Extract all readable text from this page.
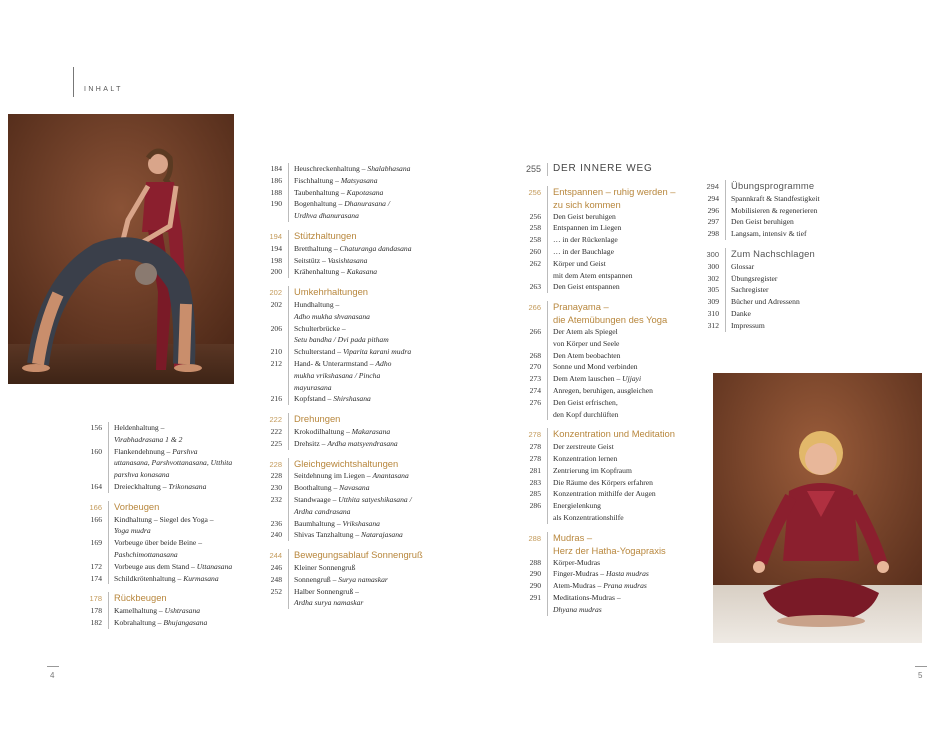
INHALT
156	Heldenhaltung –
Virabhadrasana 1 & 2
160	Flankendehnung – Parshva
uttanasana, Parshvottanasana, Utthita
parshva konasana
164	Dreieckhaltung – Trikonasana
166	Vorbeugen
166	Kindhaltung – Siegel des Yoga –
Yoga mudra
169	Vorbeuge über beide Beine –
Pashchimottanasana
172	Vorbeuge aus dem Stand – Uttanasana
174	Schildkrötenhaltung – Kurmasana
178	Rückbeugen
178	Kamelhaltung – Ushtrasana
182	Kobrahaltung – Bhujangasana
184	Heuschreckenhaltung – Shalabhasana
186	Fischhaltung – Matsyasana
188	Taubenhaltung – Kapotasana
190	Bogenhaltung – Dhanurasana /
Urdhva dhanurasana
194	Stützhaltungen
194	Bretthaltung – Chaturanga dandasana
198	Seitstütz – Vasishtasana
200	Krähenhaltung – Kakasana
202	Umkehrhaltungen
202	Hundhaltung –
Adho mukha shvanasana
206	Schulterbrücke –
Setu bandha / Dvi pada pitham
210	Schulterstand – Viparita karani mudra
212	Hand- & Unterarmstand – Adho
mukha vrikshasana / Pincha
mayurasana
216	Kopfstand – Shirshasana
222	Drehungen
222	Krokodilhaltung – Makarasana
225	Drehsitz – Ardha matsyendrasana
228	Gleichgewichtshaltungen
228	Seitdehnung im Liegen – Anantasana
230	Boothaltung – Navasana
232	Standwaage – Utthita satyeshikasana /
Ardha candrasana
236	Baumhaltung – Vrikshasana
240	Shivas Tanzhaltung – Natarajasana
244	Bewegungsablauf Sonnengruß
246	Kleiner Sonnengruß
248	Sonnengruß – Surya namaskar
252	Halber Sonnengruß –
Ardha surya namaskar
255	DER INNERE WEG
256	Entspannen – ruhig werden –
zu sich kommen
256	Den Geist beruhigen
258	Entspannen im Liegen
258	… in der Rückenlage
260	… in der Bauchlage
262	Körper und Geist
mit dem Atem entspannen
263	Den Geist entspannen
266	Pranayama –
die Atemübungen des Yoga
266	Der Atem als Spiegel
von Körper und Seele
268	Den Atem beobachten
270	Sonne und Mond verbinden
273	Dem Atem lauschen – Ujjayi
274	Anregen, beruhigen, ausgleichen
276	Den Geist erfrischen,
den Kopf durchlüften
278	Konzentration und Meditation
278	Der zerstreute Geist
278	Konzentration lernen
281	Zentrierung im Kopfraum
283	Die Räume des Körpers erfahren
285	Konzentration mithilfe der Augen
286	Energielenkung
als Konzentrationshilfe
288	Mudras –
Herz der Hatha-Yogapraxis
288	Körper-Mudras
290	Finger-Mudras – Hasta mudras
290	Atem-Mudras – Prana mudras
291	Meditations-Mudras –
Dhyana mudras
294	Übungsprogramme
294	Spannkraft & Standfestigkeit
296	Mobilisieren & regenerieren
297	Den Geist beruhigen
298	Langsam, intensiv & tief
300	Zum Nachschlagen
300	Glossar
302	Übungsregister
305	Sachregister
309	Bücher und Adressenn
310	Danke
312	Impressum
4	5
